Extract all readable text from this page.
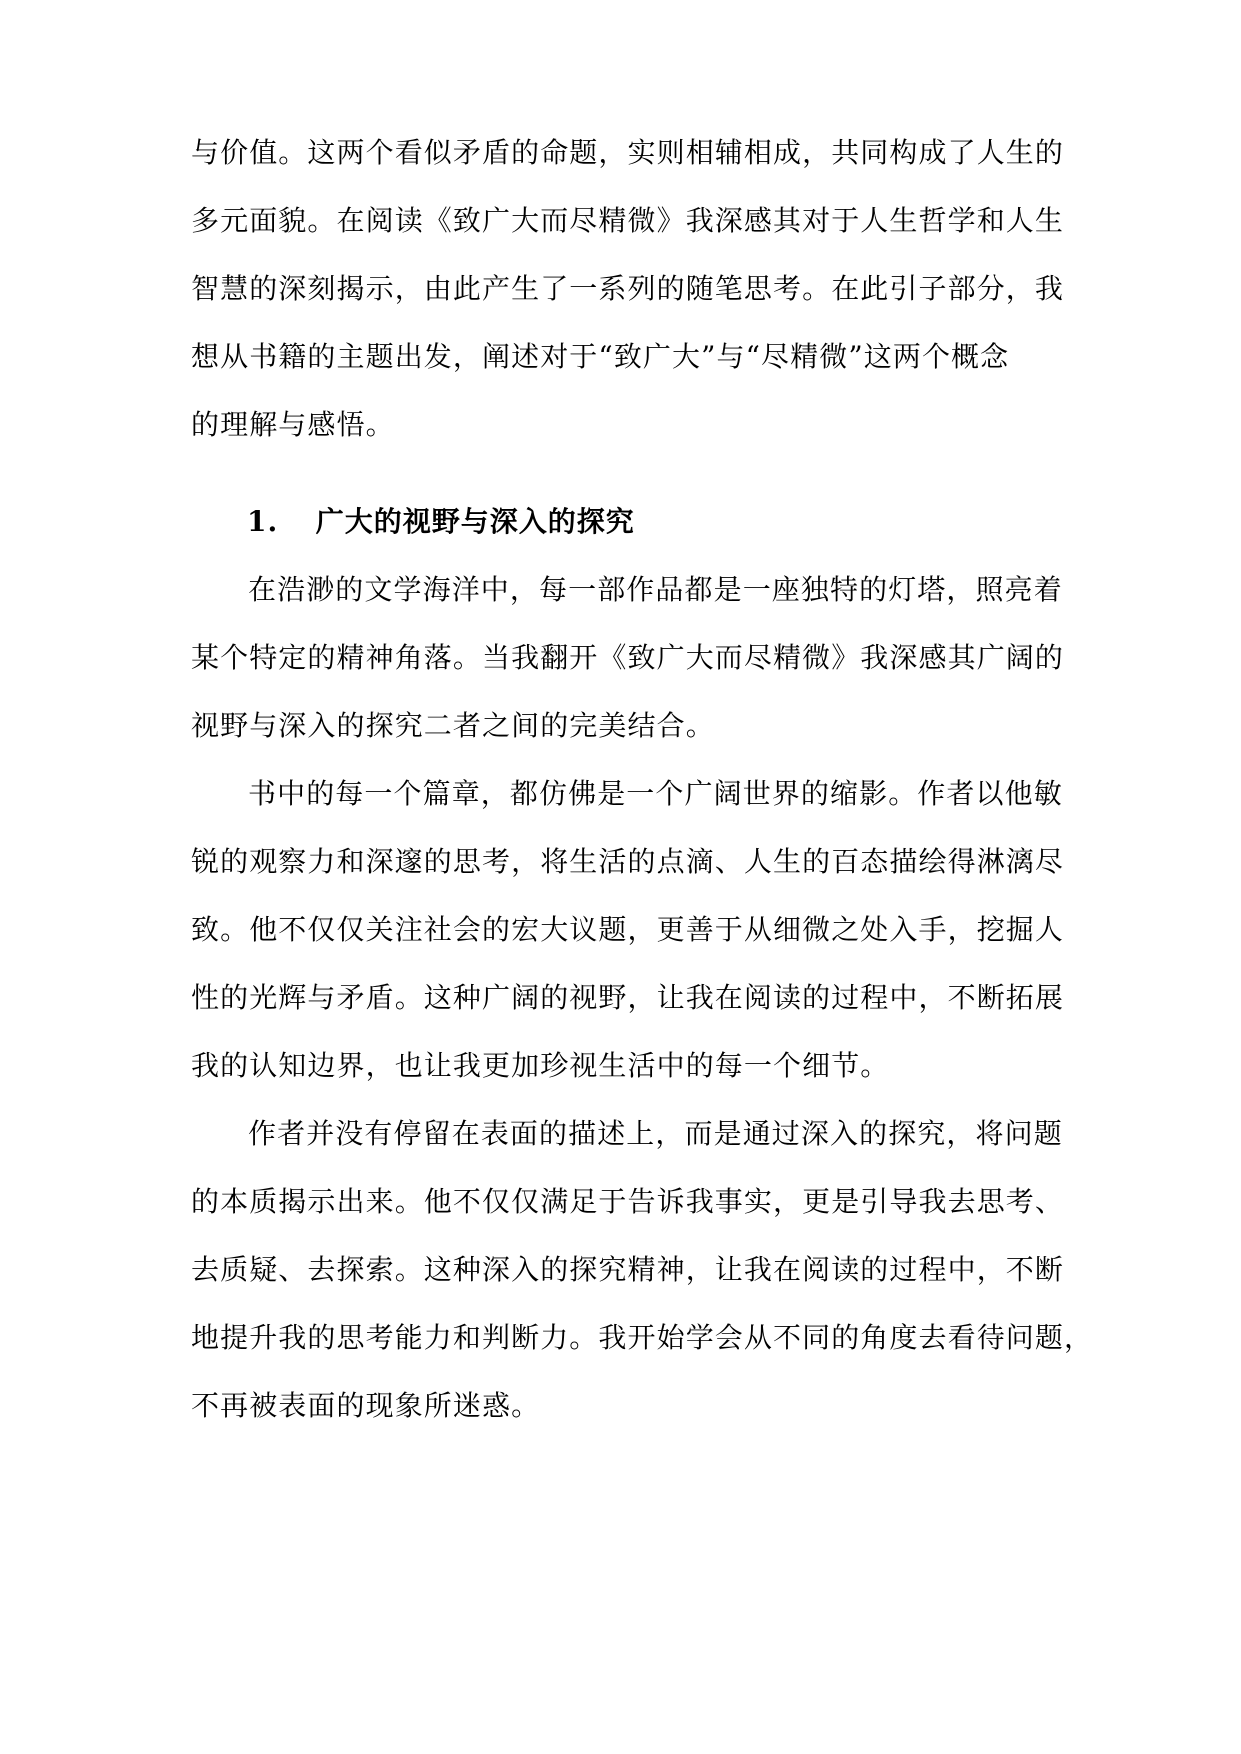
与价值。这两个看似矛盾的命题，实则相辅相成，共同构成了人生的
多元面貌。在阅读《致广大而尽精微》我深感其对于人生哲学和人生
智慧的深刻揭示，由此产生了一系列的随笔思考。在此引子部分，我
想从书籍的主题出发，阐述对于“致广大”与“尽精微”这两个概念
的理解与感悟。
1. 广大的视野与深入的探究
在浩渺的文学海洋中，每一部作品都是一座独特的灯塔，照亮着
某个特定的精神角落。当我翻开《致广大而尽精微》我深感其广阔的
视野与深入的探究二者之间的完美结合。
书中的每一个篇章，都仿佛是一个广阔世界的缩影。作者以他敏
锐的观察力和深邃的思考，将生活的点滴、人生的百态描绘得淋漓尽
致。他不仅仅关注社会的宏大议题，更善于从细微之处入手，挖掘人
性的光辉与矛盾。这种广阔的视野，让我在阅读的过程中，不断拓展
我的认知边界，也让我更加珍视生活中的每一个细节。
作者并没有停留在表面的描述上，而是通过深入的探究，将问题
的本质揭示出来。他不仅仅满足于告诉我事实，更是引导我去思考、
去质疑、去探索。这种深入的探究精神，让我在阅读的过程中，不断
地提升我的思考能力和判断力。我开始学会从不同的角度去看待问题，
不再被表面的现象所迷惑。
